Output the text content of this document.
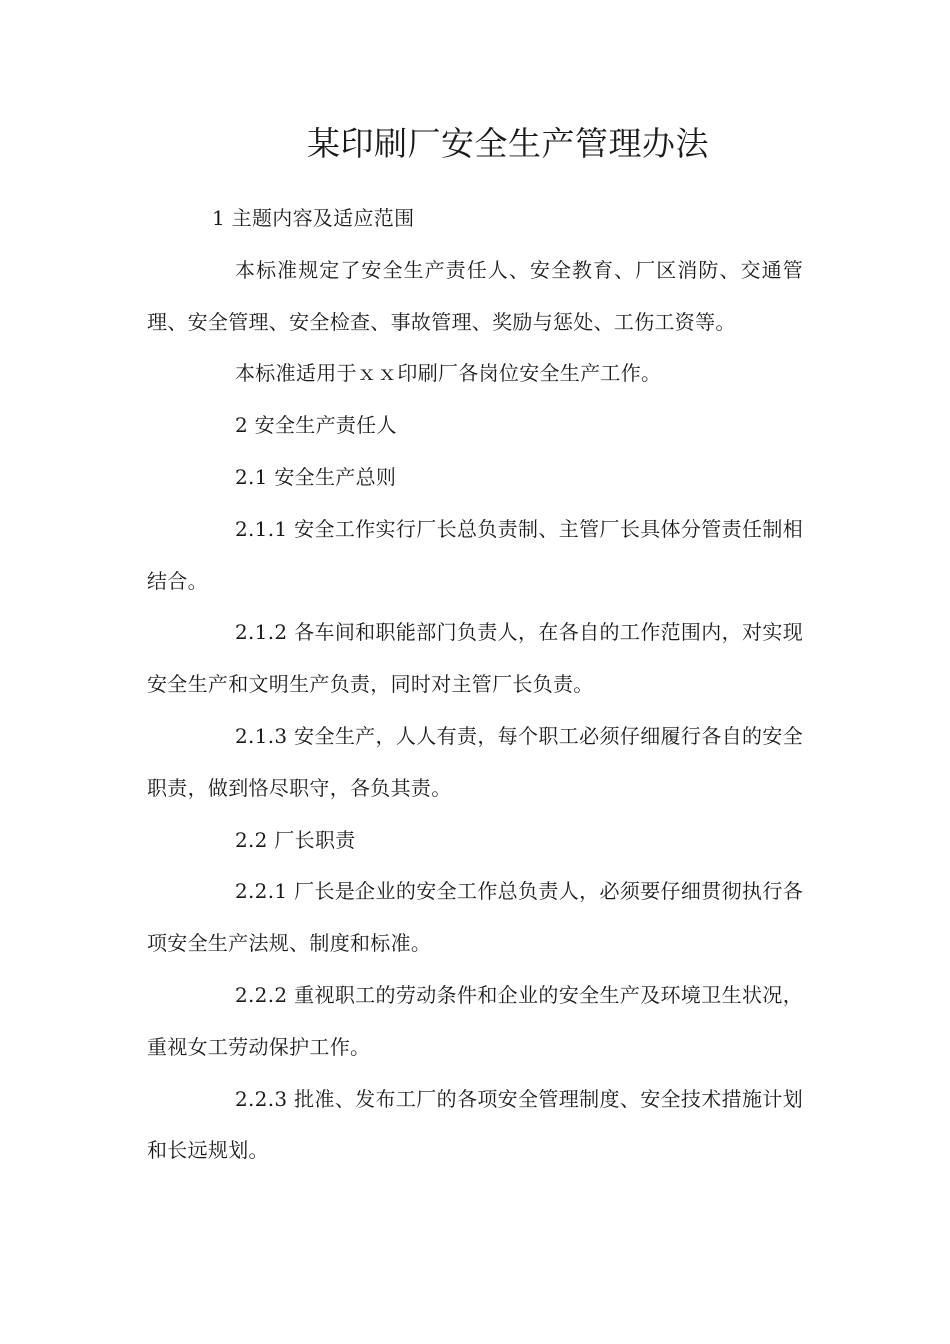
某印刷厂安全生产管理办法

1 主题内容及适应范围

本标准规定了安全生产责任人、安全教育、厂区消防、交通管理、安全管理、安全检查、事故管理、奖励与惩处、工伤工资等。

本标准适用于ｘｘ印刷厂各岗位安全生产工作。

2 安全生产责任人

2.1 安全生产总则

2.1.1 安全工作实行厂长总负责制、主管厂长具体分管责任制相结合。

2.1.2 各车间和职能部门负责人，在各自的工作范围内，对实现安全生产和文明生产负责，同时对主管厂长负责。

2.1.3 安全生产，人人有责，每个职工必须仔细履行各自的安全职责，做到恪尽职守，各负其责。

2.2 厂长职责

2.2.1 厂长是企业的安全工作总负责人，必须要仔细贯彻执行各项安全生产法规、制度和标准。

2.2.2 重视职工的劳动条件和企业的安全生产及环境卫生状况，重视女工劳动保护工作。

2.2.3 批准、发布工厂的各项安全管理制度、安全技术措施计划和长远规划。
